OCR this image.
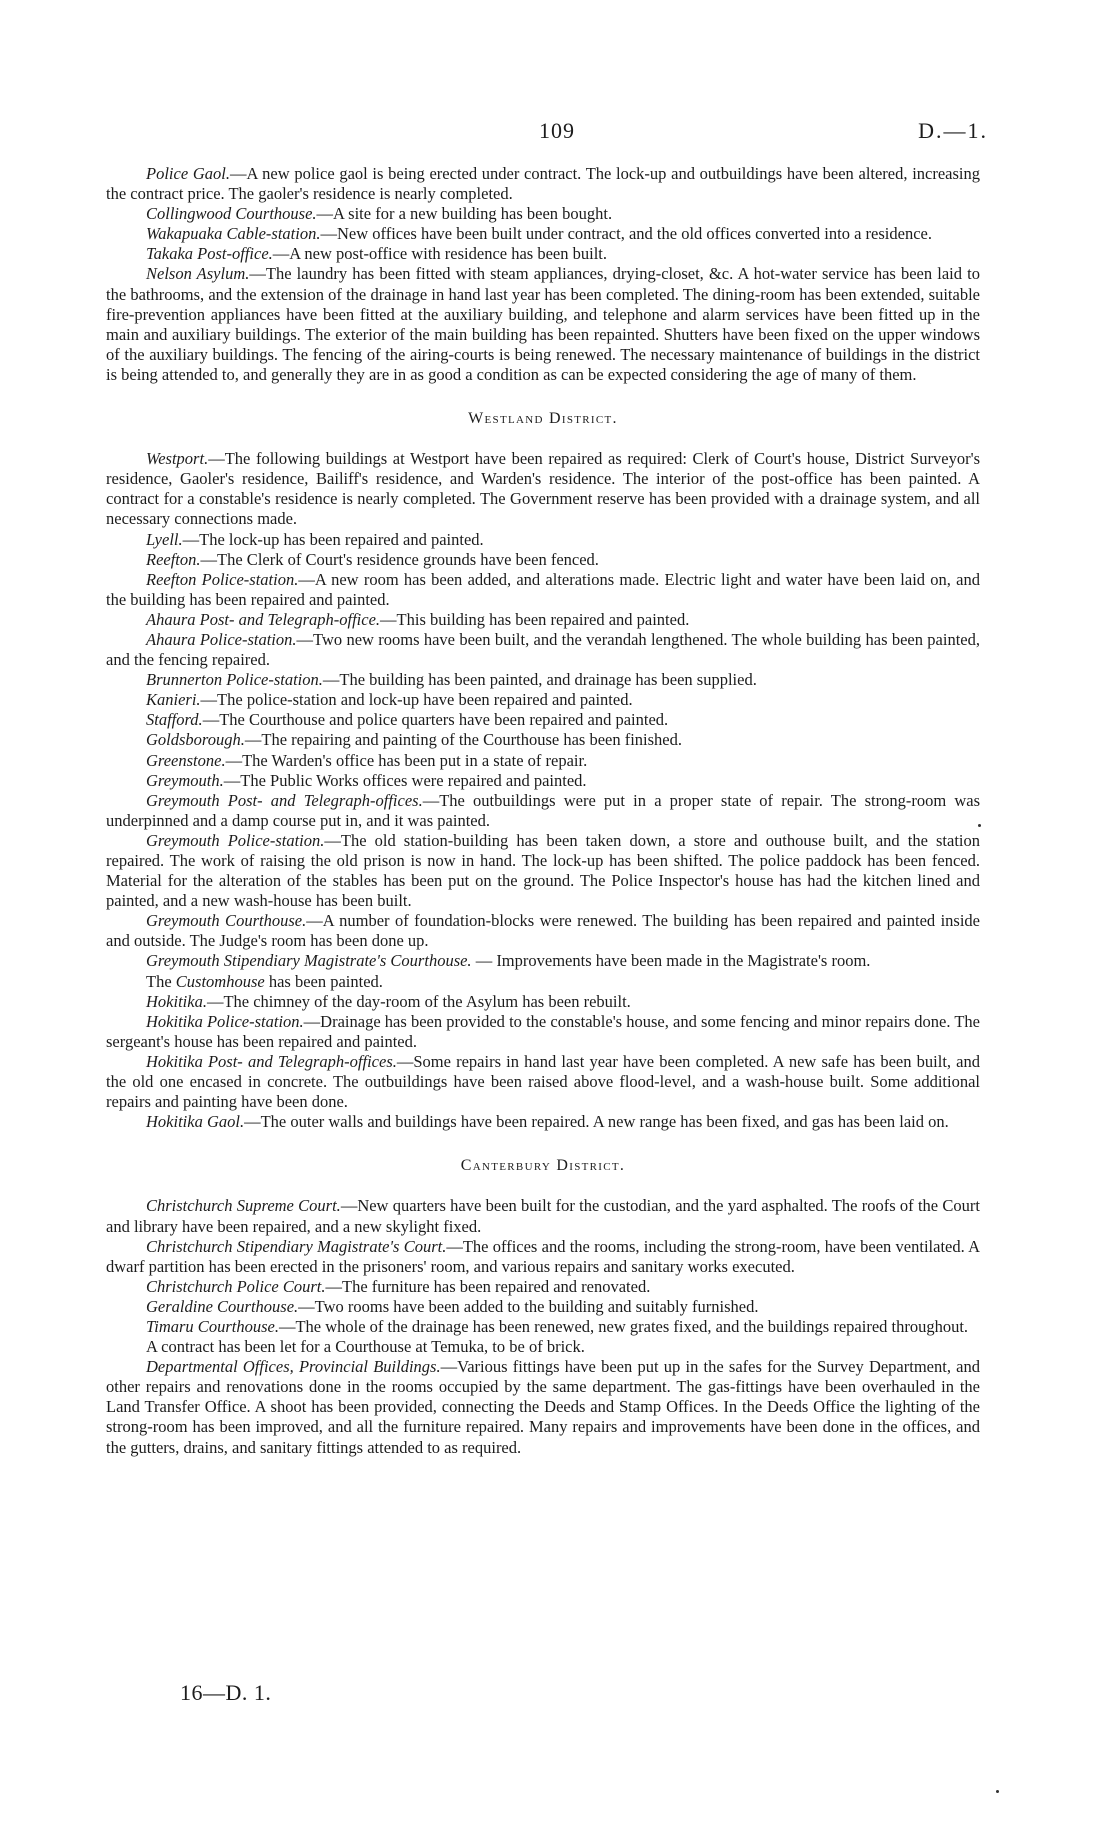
109	D.—1.

Police Gaol.—A new police gaol is being erected under contract. The lock-up and outbuildings have been altered, increasing the contract price. The gaoler's residence is nearly completed.

Collingwood Courthouse.—A site for a new building has been bought.

Wakapuaka Cable-station.—New offices have been built under contract, and the old offices converted into a residence.

Takaka Post-office.—A new post-office with residence has been built.

Nelson Asylum.—The laundry has been fitted with steam appliances, drying-closet, &c. A hot-water service has been laid to the bathrooms, and the extension of the drainage in hand last year has been completed. The dining-room has been extended, suitable fire-prevention appliances have been fitted at the auxiliary building, and telephone and alarm services have been fitted up in the main and auxiliary buildings. The exterior of the main building has been repainted. Shutters have been fixed on the upper windows of the auxiliary buildings. The fencing of the airing-courts is being renewed. The necessary maintenance of buildings in the district is being attended to, and generally they are in as good a condition as can be expected considering the age of many of them.

Westland District.

Westport.—The following buildings at Westport have been repaired as required: Clerk of Court's house, District Surveyor's residence, Gaoler's residence, Bailiff's residence, and Warden's residence. The interior of the post-office has been painted. A contract for a constable's residence is nearly completed. The Government reserve has been provided with a drainage system, and all necessary connections made.

Lyell.—The lock-up has been repaired and painted.

Reefton.—The Clerk of Court's residence grounds have been fenced.

Reefton Police-station.—A new room has been added, and alterations made. Electric light and water have been laid on, and the building has been repaired and painted.

Ahaura Post- and Telegraph-office.—This building has been repaired and painted.

Ahaura Police-station.—Two new rooms have been built, and the verandah lengthened. The whole building has been painted, and the fencing repaired.

Brunnerton Police-station.—The building has been painted, and drainage has been supplied.

Kanieri.—The police-station and lock-up have been repaired and painted.

Stafford.—The Courthouse and police quarters have been repaired and painted.

Goldsborough.—The repairing and painting of the Courthouse has been finished.

Greenstone.—The Warden's office has been put in a state of repair.

Greymouth.—The Public Works offices were repaired and painted.

Greymouth Post- and Telegraph-offices.—The outbuildings were put in a proper state of repair. The strong-room was underpinned and a damp course put in, and it was painted.

Greymouth Police-station.—The old station-building has been taken down, a store and outhouse built, and the station repaired. The work of raising the old prison is now in hand. The lock-up has been shifted. The police paddock has been fenced. Material for the alteration of the stables has been put on the ground. The Police Inspector's house has had the kitchen lined and painted, and a new wash-house has been built.

Greymouth Courthouse.—A number of foundation-blocks were renewed. The building has been repaired and painted inside and outside. The Judge's room has been done up.

Greymouth Stipendiary Magistrate's Courthouse. — Improvements have been made in the Magistrate's room.

The Customhouse has been painted.

Hokitika.—The chimney of the day-room of the Asylum has been rebuilt.

Hokitika Police-station.—Drainage has been provided to the constable's house, and some fencing and minor repairs done. The sergeant's house has been repaired and painted.

Hokitika Post- and Telegraph-offices.—Some repairs in hand last year have been completed. A new safe has been built, and the old one encased in concrete. The outbuildings have been raised above flood-level, and a wash-house built. Some additional repairs and painting have been done.

Hokitika Gaol.—The outer walls and buildings have been repaired. A new range has been fixed, and gas has been laid on.

Canterbury District.

Christchurch Supreme Court.—New quarters have been built for the custodian, and the yard asphalted. The roofs of the Court and library have been repaired, and a new skylight fixed.

Christchurch Stipendiary Magistrate's Court.—The offices and the rooms, including the strong-room, have been ventilated. A dwarf partition has been erected in the prisoners' room, and various repairs and sanitary works executed.

Christchurch Police Court.—The furniture has been repaired and renovated.

Geraldine Courthouse.—Two rooms have been added to the building and suitably furnished.

Timaru Courthouse.—The whole of the drainage has been renewed, new grates fixed, and the buildings repaired throughout.

A contract has been let for a Courthouse at Temuka, to be of brick.

Departmental Offices, Provincial Buildings.—Various fittings have been put up in the safes for the Survey Department, and other repairs and renovations done in the rooms occupied by the same department. The gas-fittings have been overhauled in the Land Transfer Office. A shoot has been provided, connecting the Deeds and Stamp Offices. In the Deeds Office the lighting of the strong-room has been improved, and all the furniture repaired. Many repairs and improvements have been done in the offices, and the gutters, drains, and sanitary fittings attended to as required.

16—D. 1.
